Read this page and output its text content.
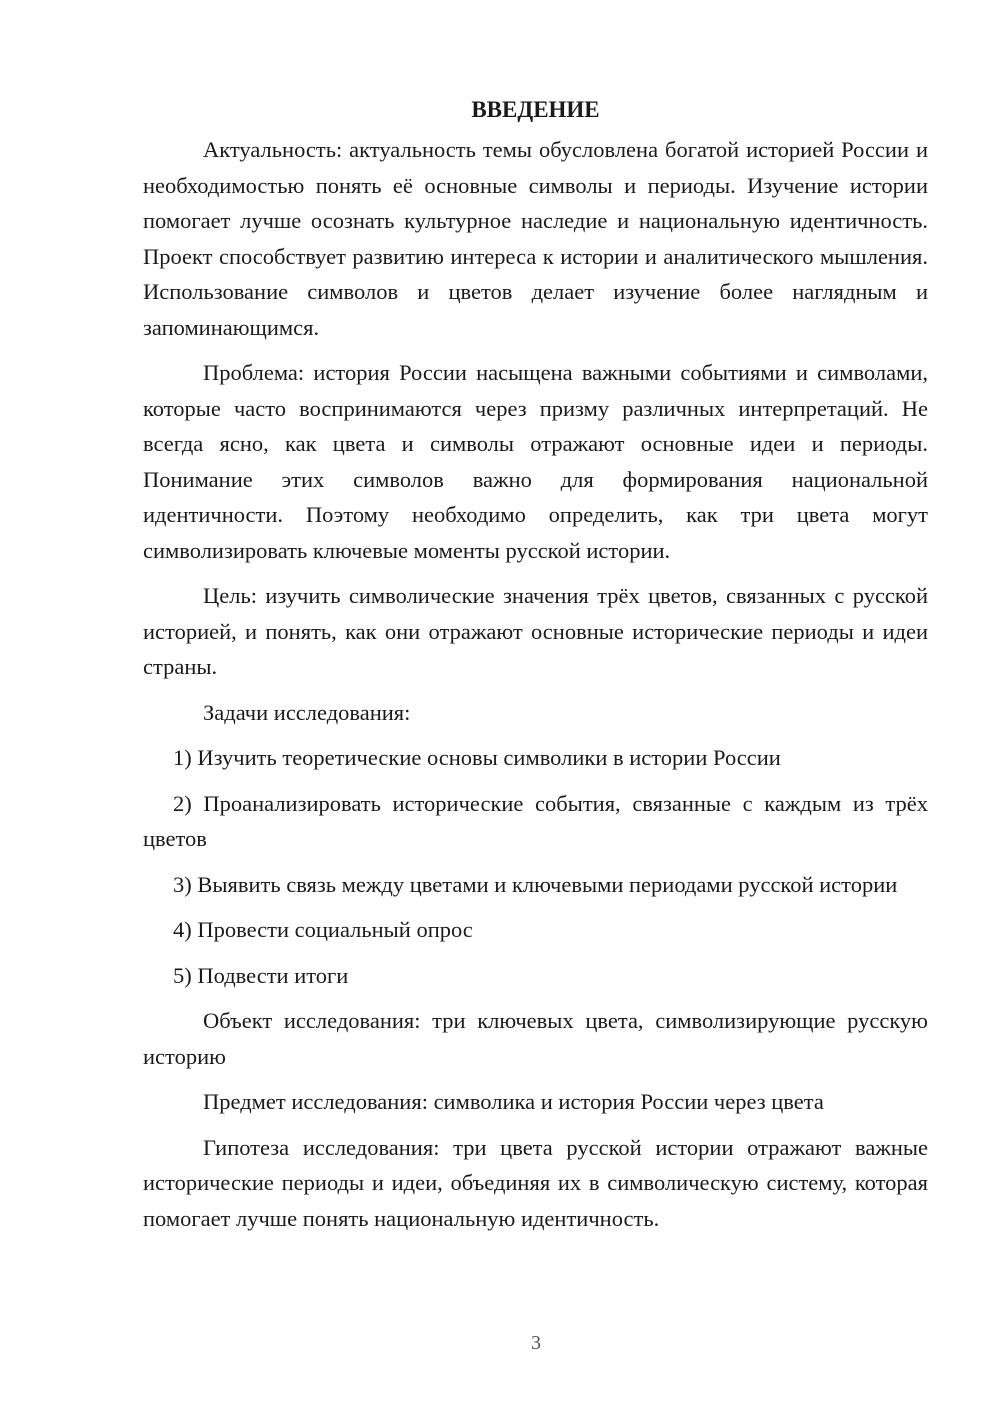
ВВЕДЕНИЕ

Актуальность: актуальность темы обусловлена богатой историей России и необходимостью понять её основные символы и периоды. Изучение истории помогает лучше осознать культурное наследие и национальную идентичность. Проект способствует развитию интереса к истории и аналитического мышления. Использование символов и цветов делает изучение более наглядным и запоминающимся.

Проблема: история России насыщена важными событиями и символами, которые часто воспринимаются через призму различных интерпретаций. Не всегда ясно, как цвета и символы отражают основные идеи и периоды. Понимание этих символов важно для формирования национальной идентичности. Поэтому необходимо определить, как три цвета могут символизировать ключевые моменты русской истории.

Цель: изучить символические значения трёх цветов, связанных с русской историей, и понять, как они отражают основные исторические периоды и идеи страны.

Задачи исследования:

1) Изучить теоретические основы символики в истории России

2) Проанализировать исторические события, связанные с каждым из трёх цветов

3) Выявить связь между цветами и ключевыми периодами русской истории

4) Провести социальный опрос

5) Подвести итоги

Объект исследования: три ключевых цвета, символизирующие русскую историю

Предмет исследования: символика и история России через цвета

Гипотеза исследования: три цвета русской истории отражают важные исторические периоды и идеи, объединяя их в символическую систему, которая помогает лучше понять национальную идентичность.

3
